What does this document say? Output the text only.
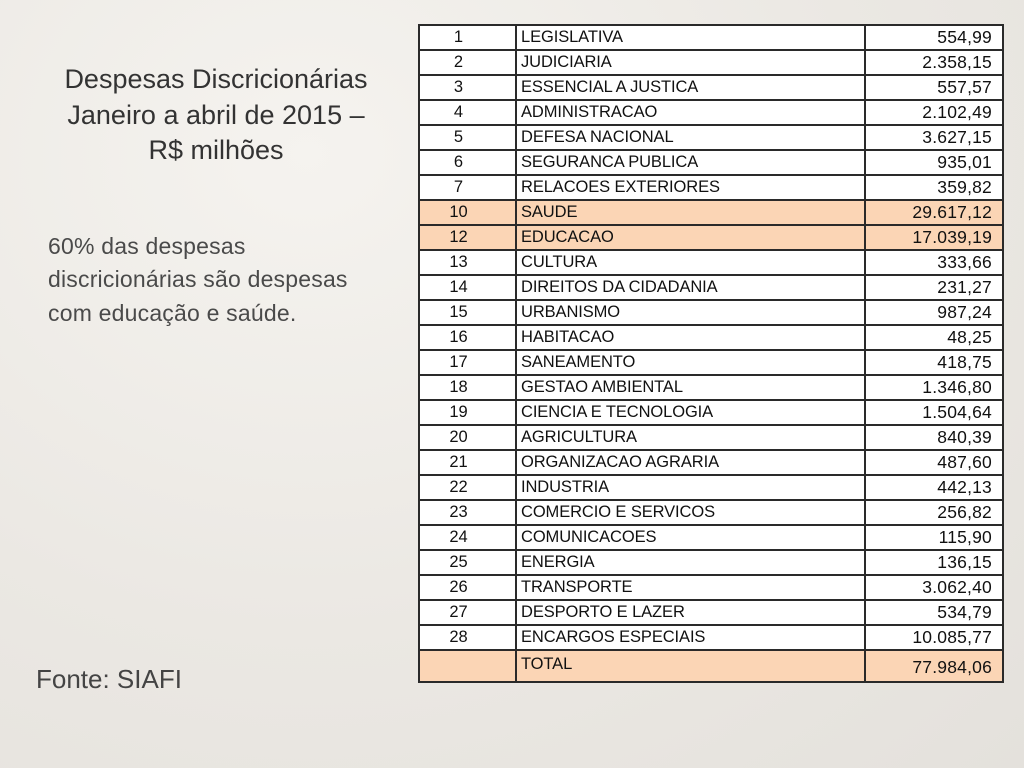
Despesas Discricionárias
Janeiro a abril de 2015 –
R$ milhões
60% das despesas discricionárias são despesas com educação e saúde.
Fonte: SIAFI
1	LEGISLATIVA	554,99
2	JUDICIARIA	2.358,15
3	ESSENCIAL A JUSTICA	557,57
4	ADMINISTRACAO	2.102,49
5	DEFESA NACIONAL	3.627,15
6	SEGURANCA PUBLICA	935,01
7	RELACOES EXTERIORES	359,82
10	SAUDE	29.617,12
12	EDUCACAO	17.039,19
13	CULTURA	333,66
14	DIREITOS DA CIDADANIA	231,27
15	URBANISMO	987,24
16	HABITACAO	48,25
17	SANEAMENTO	418,75
18	GESTAO AMBIENTAL	1.346,80
19	CIENCIA E TECNOLOGIA	1.504,64
20	AGRICULTURA	840,39
21	ORGANIZACAO AGRARIA	487,60
22	INDUSTRIA	442,13
23	COMERCIO E SERVICOS	256,82
24	COMUNICACOES	115,90
25	ENERGIA	136,15
26	TRANSPORTE	3.062,40
27	DESPORTO E LAZER	534,79
28	ENCARGOS ESPECIAIS	10.085,77
	TOTAL	77.984,06
